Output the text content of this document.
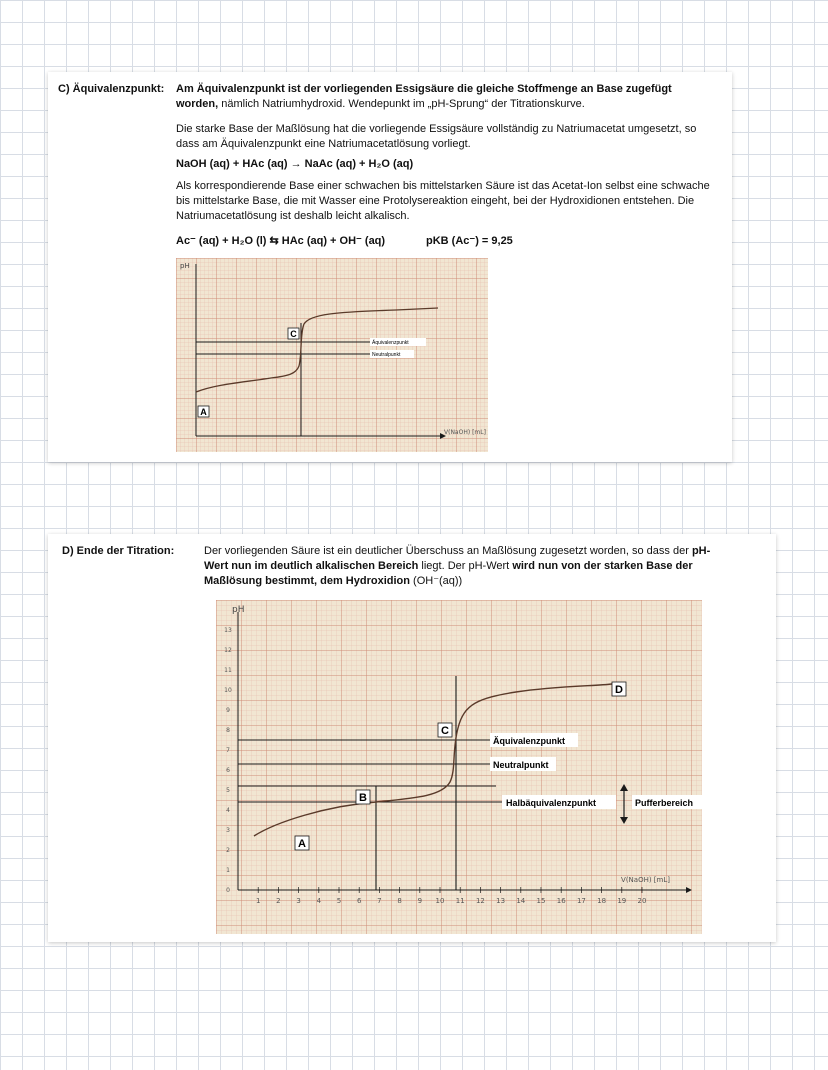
C) Äquivalenzpunkt: Am Äquivalenzpunkt ist der vorliegenden Essigsäure die gleiche Stoffmenge an Base zugefügt worden, nämlich Natriumhydroxid. Wendepunkt im „pH-Sprung“ der Titrationskurve.

Die starke Base der Maßlösung hat die vorliegende Essigsäure vollständig zu Natriumacetat umgesetzt, so dass am Äquivalenzpunkt eine Natriumacetatlösung vorliegt.

NaOH (aq) + HAc (aq) → NaAc (aq) + H₂O (aq)

Als korrespondierende Base einer schwachen bis mittelstarken Säure ist das Acetat-Ion selbst eine schwache bis mittelstarke Base, die mit Wasser eine Protolysereaktion eingeht, bei der Hydroxidionen entstehen. Die Natriumacetatlösung ist deshalb leicht alkalisch.

Ac⁻ (aq) + H₂O (l) ⇆ HAc (aq) + OH⁻ (aq)	pKB (Ac⁻) = 9,25

pH
V(NaOH) [mL]
C
A
Äquivalenzpunkt
Neutralpunkt

D) Ende der Titration:	Der vorliegenden Säure ist ein deutlicher Überschuss an Maßlösung zugesetzt worden, so dass der pH-Wert nun im deutlich alkalischen Bereich liegt. Der pH-Wert wird nun von der starken Base der Maßlösung bestimmt, dem Hydroxidion (OH⁻(aq))

pH
V(NaOH) [mL]
1 2 3 4 5 6 7 8 9 10 11 12 13 14 15 16 17 18 19 20
0
1
2
3
4
5
6
7
8
9
10
11
12
13
C
B
A
D
Äquivalenzpunkt
Neutralpunkt
Halbäquivalenzpunkt	Pufferbereich
